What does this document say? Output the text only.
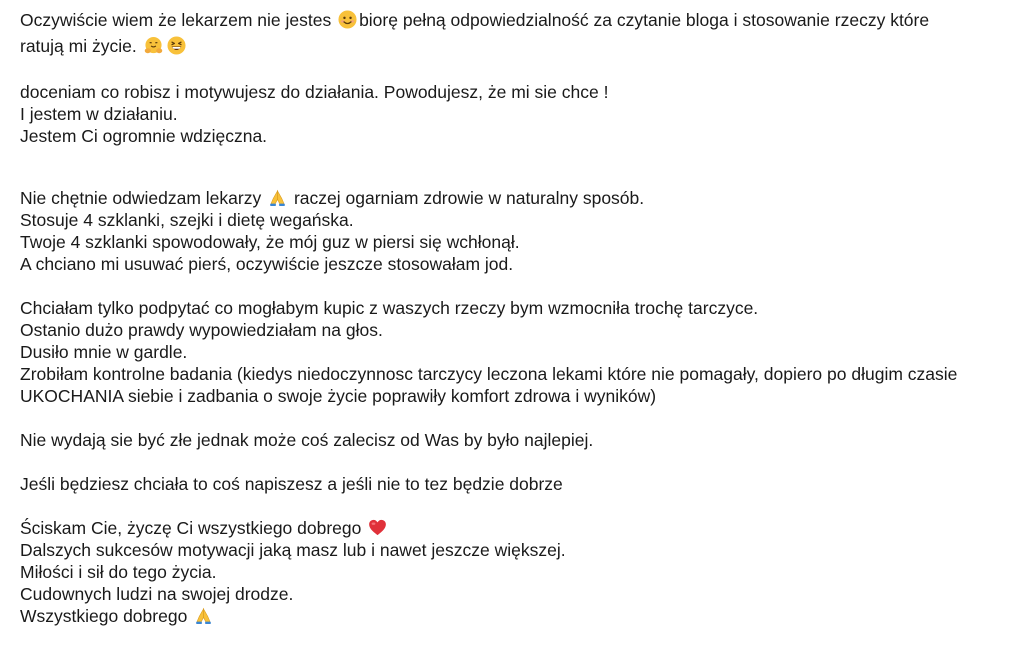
Oczywiście wiem że lekarzem nie jestes
biorę pełną odpowiedzialność za czytanie bloga i stosowanie rzeczy które
ratują mi życie.
doceniam co robisz i motywujesz do działania. Powodujesz, że mi sie chce !
I jestem w działaniu.
Jestem Ci ogromnie wdzięczna.
Nie chętnie odwiedzam lekarzy
raczej ogarniam zdrowie w naturalny sposób.
Stosuje 4 szklanki, szejki i dietę wegańska.
Twoje 4 szklanki spowodowały, że mój guz w piersi się wchłonął.
A chciano mi usuwać pierś, oczywiście jeszcze stosowałam jod.
Chciałam tylko podpytać co mogłabym kupic z waszych rzeczy bym wzmocniła trochę tarczyce.
Ostanio dużo prawdy wypowiedziałam na głos.
Dusiło mnie w gardle.
Zrobiłam kontrolne badania (kiedys niedoczynnosc tarczycy leczona lekami które nie pomagały, dopiero po długim czasie UKOCHANIA siebie i zadbania o swoje życie poprawiły komfort zdrowa i wyników)
Nie wydają sie być złe jednak może coś zalecisz od Was by było najlepiej.
Jeśli będziesz chciała to coś napiszesz a jeśli nie to tez będzie dobrze
Ściskam Cie, życzę Ci wszystkiego dobrego
Dalszych sukcesów motywacji jaką masz lub i nawet jeszcze większej.
Miłości i sił do tego życia.
Cudownych ludzi na swojej drodze.
Wszystkiego dobrego
